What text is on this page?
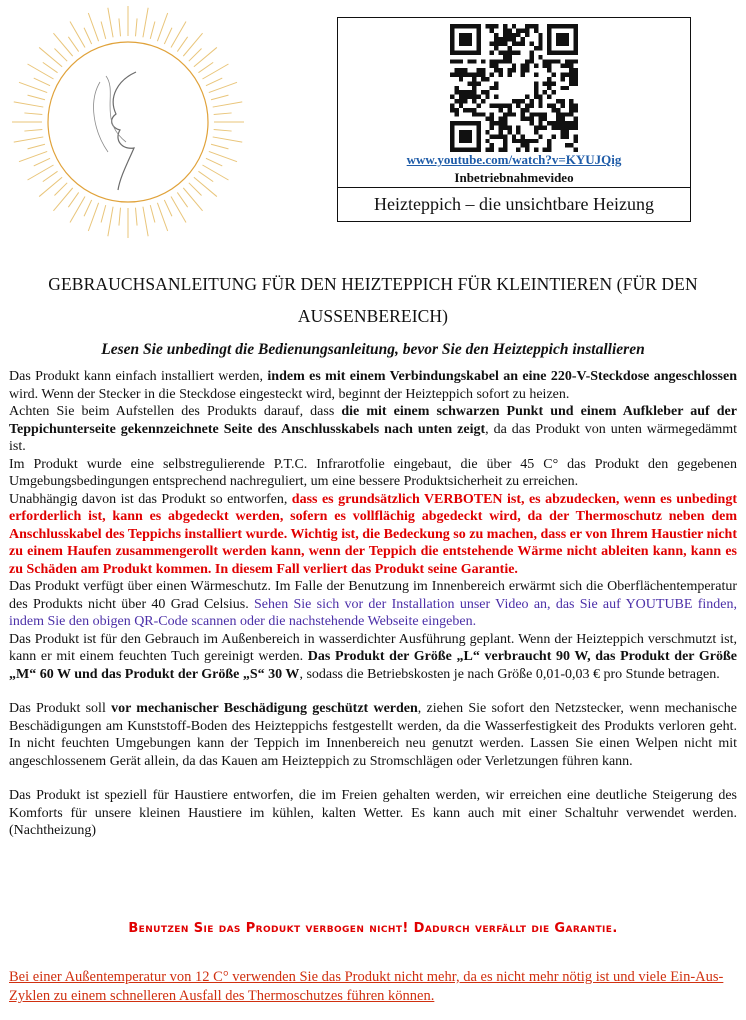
Gemütlichkeit & Wohlbefinden für Ihr Tier	www.youtube.com/watch?v=KYUJQig
Inbetriebnahmevideo
Heizteppich – die unsichtbare Heizung
GEBRAUCHSANLEITUNG FÜR DEN HEIZTEPPICH FÜR KLEINTIEREN (FÜR DEN
AUSSENBEREICH)
Lesen Sie unbedingt die Bedienungsanleitung, bevor Sie den Heizteppich installieren

Das Produkt kann einfach installiert werden, indem es mit einem Verbindungskabel an eine 220-V-Steckdose angeschlossen wird. Wenn der Stecker in die Steckdose eingesteckt wird, beginnt der Heizteppich sofort zu heizen.

Achten Sie beim Aufstellen des Produkts darauf, dass die mit einem schwarzen Punkt und einem Aufkleber auf der Teppichunterseite gekennzeichnete Seite des Anschlusskabels nach unten zeigt, da das Produkt von unten wärmegedämmt ist.

Im Produkt wurde eine selbstregulierende P.T.C. Infrarotfolie eingebaut, die über 45 C° das Produkt den gegebenen Umgebungsbedingungen entsprechend nachreguliert, um eine bessere Produktsicherheit zu erreichen.

Unabhängig davon ist das Produkt so entworfen, dass es grundsätzlich VERBOTEN ist, es abzudecken, wenn es unbedingt erforderlich ist, kann es abgedeckt werden, sofern es vollflächig abgedeckt wird, da der Thermoschutz neben dem Anschlusskabel des Teppichs installiert wurde. Wichtig ist, die Bedeckung so zu machen, dass er von Ihrem Haustier nicht zu einem Haufen zusammengerollt werden kann, wenn der Teppich die entstehende Wärme nicht ableiten kann, kann es zu Schäden am Produkt kommen. In diesem Fall verliert das Produkt seine Garantie.

Das Produkt verfügt über einen Wärmeschutz. Im Falle der Benutzung im Innenbereich erwärmt sich die Oberflächentemperatur des Produkts nicht über 40 Grad Celsius. Sehen Sie sich vor der Installation unser Video an, das Sie auf YOUTUBE finden, indem Sie den obigen QR-Code scannen oder die nachstehende Webseite eingeben.

Das Produkt ist für den Gebrauch im Außenbereich in wasserdichter Ausführung geplant. Wenn der Heizteppich verschmutzt ist, kann er mit einem feuchten Tuch gereinigt werden. Das Produkt der Größe „L“ verbraucht 90 W, das Produkt der Größe „M“ 60 W und das Produkt der Größe „S“ 30 W, sodass die Betriebskosten je nach Größe 0,01-0,03 € pro Stunde betragen.

Das Produkt soll vor mechanischer Beschädigung geschützt werden, ziehen Sie sofort den Netzstecker, wenn mechanische Beschädigungen am Kunststoff-Boden des Heizteppichs festgestellt werden, da die Wasserfestigkeit des Produkts verloren geht. In nicht feuchten Umgebungen kann der Teppich im Innenbereich neu genutzt werden. Lassen Sie einen Welpen nicht mit angeschlossenem Gerät allein, da das Kauen am Heizteppich zu Stromschlägen oder Verletzungen führen kann.

Das Produkt ist speziell für Haustiere entworfen, die im Freien gehalten werden, wir erreichen eine deutliche Steigerung des Komforts für unsere kleinen Haustiere im kühlen, kalten Wetter. Es kann auch mit einer Schaltuhr verwendet werden. (Nachtheizung)

Benutzen Sie das Produkt verbogen nicht! Dadurch verfällt die Garantie.
Bei einer Außentemperatur von 12 C° verwenden Sie das Produkt nicht mehr, da es nicht mehr nötig ist und viele Ein-Aus-Zyklen zu einem schnelleren Ausfall des Thermoschutzes führen können.
